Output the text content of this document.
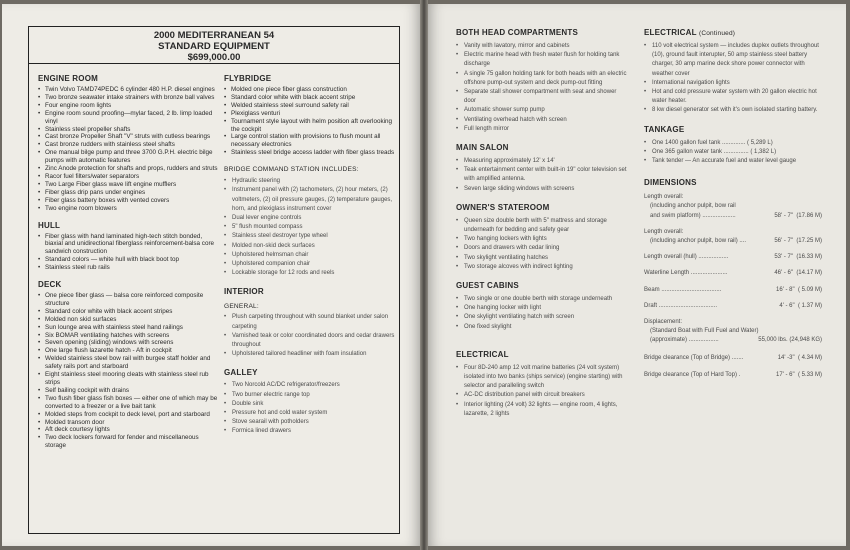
2000 MEDITERRANEAN 54
STANDARD EQUIPMENT
$699,000.00
ENGINE ROOM
• Twin Volvo TAMD74PEDC 6 cylinder 480 H.P. diesel engines
• Two bronze seawater intake strainers with bronze ball valves
• Four engine room lights
• Engine room sound proofing—mylar faced, 2 lb. limp loaded vinyl
• Stainless steel propeller shafts
• Cast bronze Propeller Shaft "V" struts with cutless bearings
• Cast bronze rudders with stainless steel shafts
• One manual bilge pump and three 3700 G.P.H. electric bilge pumps with automatic features
• Zinc Anode protection for shafts and props, rudders and struts
• Racor fuel filters/water separators
• Two Large Fiber glass wave lift engine mufflers
• Fiber glass drip pans under engines
• Fiber glass battery boxes with vented covers
• Two engine room blowers
HULL
• Fiber glass with hand laminated high-tech stitch bonded, biaxial and unidirectional fiberglass reinforcement-balsa core sandwich construction
• Standard colors — white hull with black boot top
• Stainless steel rub rails
DECK
• One piece fiber glass — balsa core reinforced composite structure
• Standard color white with black accent stripes
• Molded non skid surfaces
• Sun lounge area with stainless steel hand railings
• Six BOMAR ventilating hatches with screens
• Seven opening (sliding) windows with screens
• One large flush lazarette hatch - Aft in cockpit
• Welded stainless steel bow rail with burgee staff holder and safety rails port and starboard
• Eight stainless steel mooring cleats with stainless steel rub strips
• Self bailing cockpit with drains
• Two flush fiber glass fish boxes — either one of which may be converted to a freezer or a live bait tank
• Molded steps from cockpit to deck level, port and starboard
• Molded transom door
• Aft deck courtesy lights
• Two deck lockers forward for fender and miscellaneous storage
FLYBRIDGE
• Molded one piece fiber glass construction
• Standard color white with black accent stripe
• Welded stainless steel surround safety rail
• Plexiglass venturi
• Tournament style layout with helm position aft overlooking the cockpit
• Large control station with provisions to flush mount all necessary electronics
• Stainless steel bridge access ladder with fiber glass treads
BRIDGE COMMAND STATION INCLUDES:
• Hydraulic steering
• Instrument panel with (2) tachometers, (2) hour meters, (2) voltmeters, (2) oil pressure gauges, (2) temperature gauges, horn, and plexiglass instrument cover
• Dual lever engine controls
• 5" flush mounted compass
• Stainless steel destroyer type wheel
• Molded non-skid deck surfaces
• Upholstered helmsman chair
• Upholstered companion chair
• Lockable storage for 12 rods and reels
INTERIOR
GENERAL:
• Plush carpeting throughout with sound blanket under salon carpeting
• Varnished teak or color coordinated doors and cedar drawers throughout
• Upholstered tailored headliner with foam insulation
GALLEY
• Two Norcold AC/DC refrigerator/freezers
• Two burner electric range top
• Double sink
• Pressure hot and cold water system
• Stove searail with potholders
• Formica lined drawers
BOTH HEAD COMPARTMENTS
• Vanity with lavatory, mirror and cabinets
• Electric marine head with fresh water flush for holding tank discharge
• A single 75 gallon holding tank for both heads with an electric offshore pump-out system and deck pump-out fitting
• Separate stall shower compartment with seat and shower door
• Automatic shower sump pump
• Ventilating overhead hatch with screen
• Full length mirror
MAIN SALON
• Measuring approximately 12' x 14'
• Teak entertainment center with built-in 19" color television set with amplified antenna.
• Seven large sliding windows with screens
OWNER'S STATEROOM
• Queen size double berth with 5" mattress and storage underneath for bedding and safety gear
• Two hanging lockers with lights
• Doors and drawers with cedar lining
• Two skylight ventilating hatches
• Two storage alcoves with indirect lighting
GUEST CABINS
• Two single or one double berth with storage underneath
• One hanging locker with light
• One skylight ventilating hatch with screen
• One fixed skylight
ELECTRICAL
• Four 8D-240 amp 12 volt marine batteries (24 volt system) isolated into two banks (ships service) (engine starting) with selector and paralleling switch
• AC-DC distribution panel with circuit breakers
• Interior lighting (24 volt) 32 lights — engine room, 4 lights, lazarette, 2 lights
ELECTRICAL (Continued)
• 110 volt electrical system — includes duplex outlets throughout (10), ground fault interupter, 50 amp stainless steel battery charger, 30 amp marine deck shore power connector with weather cover
• International navigation lights
• Hot and cold pressure water system with 20 gallon electric hot water heater.
• 8 kw diesel generator set with it's own isolated starting battery.
TANKAGE
• One 1400 gallon fuel tank .............. ( 5,289 L)
• One 365 gallon water tank ............... ( 1,382 L)
• Tank tender — An accurate fuel and water level gauge
DIMENSIONS
Length overall:
(including anchor pulpit, bow rail
and swim platform) ....................	58' - 7" (17.86 M)
Length overall:
(including anchor pulpit, bow rail) ....	56' - 7" (17.25 M)
Length overall (hull) ..................	53' - 7" (16.33 M)
Waterline Length ......................	46' - 6" (14.17 M)
Beam ....................................	16' - 8" ( 5.09 M)
Draft ...................................	4' - 6" ( 1.37 M)
Displacement:
(Standard Boat with Full Fuel and Water)
(approximate) ..................	55,000 lbs. (24,948 KG)
Bridge clearance (Top of Bridge) .......	14' -3" ( 4.34 M)
Bridge clearance (Top of Hard Top) .	17' - 6" ( 5.33 M)
